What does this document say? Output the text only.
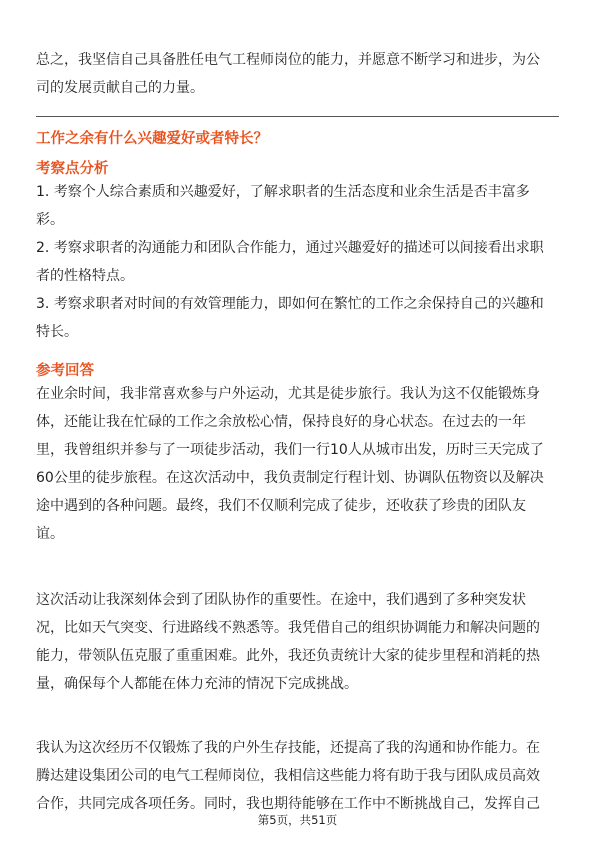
总之，我坚信自己具备胜任电气工程师岗位的能力，并愿意不断学习和进步，为公
司的发展贡献自己的力量。

工作之余有什么兴趣爱好或者特长？
考察点分析

1. 考察个人综合素质和兴趣爱好，了解求职者的生活态度和业余生活是否丰富多
彩。

2. 考察求职者的沟通能力和团队合作能力，通过兴趣爱好的描述可以间接看出求职
者的性格特点。

3. 考察求职者对时间的有效管理能力，即如何在繁忙的工作之余保持自己的兴趣和
特长。

参考回答

在业余时间，我非常喜欢参与户外运动，尤其是徒步旅行。我认为这不仅能锻炼身
体，还能让我在忙碌的工作之余放松心情，保持良好的身心状态。在过去的一年
里，我曾组织并参与了一项徒步活动，我们一行10人从城市出发，历时三天完成了
60公里的徒步旅程。在这次活动中，我负责制定行程计划、协调队伍物资以及解决
途中遇到的各种问题。最终，我们不仅顺利完成了徒步，还收获了珍贵的团队友
谊。

这次活动让我深刻体会到了团队协作的重要性。在途中，我们遇到了多种突发状
况，比如天气突变、行进路线不熟悉等。我凭借自己的组织协调能力和解决问题的
能力，带领队伍克服了重重困难。此外，我还负责统计大家的徒步里程和消耗的热
量，确保每个人都能在体力充沛的情况下完成挑战。

我认为这次经历不仅锻炼了我的户外生存技能，还提高了我的沟通和协作能力。在
腾达建设集团公司的电气工程师岗位，我相信这些能力将有助于我与团队成员高效
合作，共同完成各项任务。同时，我也期待能够在工作中不断挑战自己，发挥自己

第5页，共51页
